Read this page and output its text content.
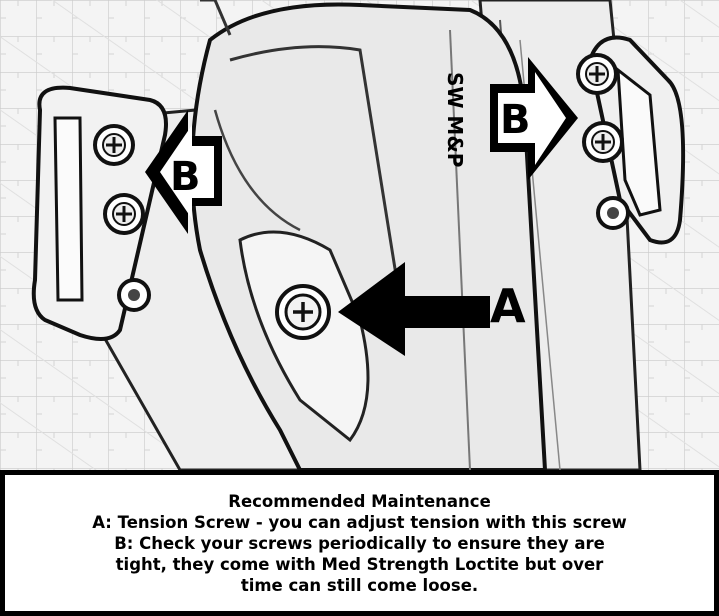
SW M&P
A
B
B
Recommended Maintenance
A: Tension Screw - you can adjust tension with this screw
B: Check your screws periodically to ensure they are
tight, they come with Med Strength Loctite but over
time can still come loose.
